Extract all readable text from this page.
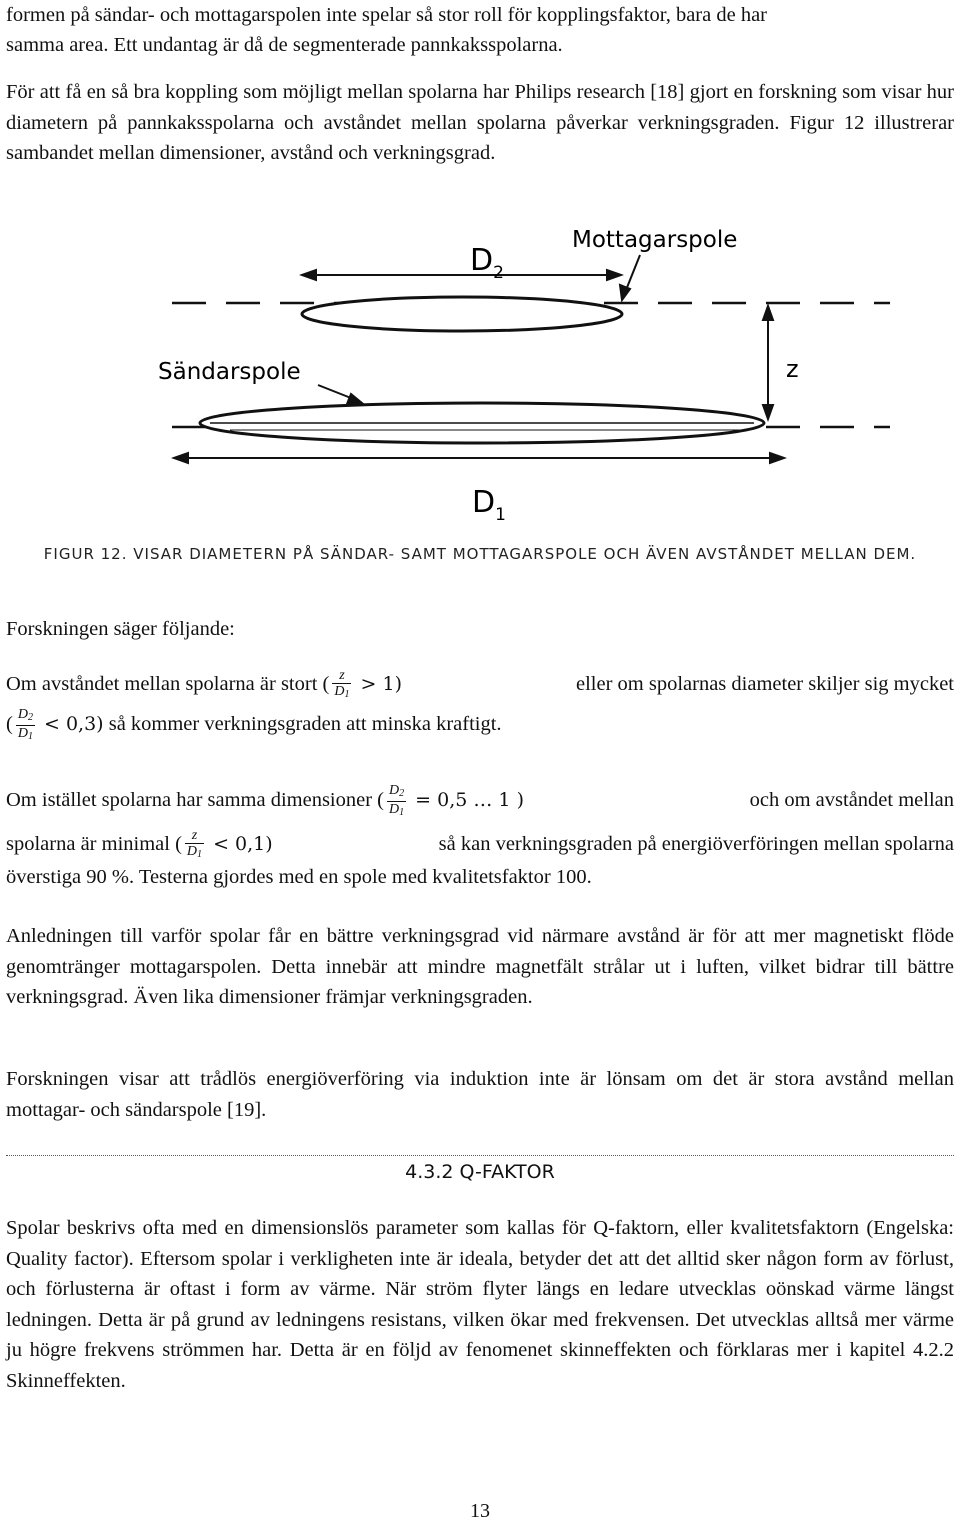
formen på sändar- och mottagarspolen inte spelar så stor roll för kopplingsfaktor, bara de har

samma area. Ett undantag är då de segmenterade pannkaksspolarna.

För att få en så bra koppling som möjligt mellan spolarna har Philips research [18] gjort en forskning som visar hur diametern på pannkaksspolarna och avståndet mellan spolarna påverkar verkningsgraden. Figur 12 illustrerar sambandet mellan dimensioner, avstånd och verkningsgrad.

$D_2$
Mottagarspole
Sändarspole	z
$D_1$
FIGUR 12. VISAR DIAMETERN PÅ SÄNDAR- SAMT MOTTAGARSPOLE OCH ÄVEN AVSTÅNDET MELLAN DEM.

Forskningen säger följande:

Om avståndet mellan spolarna är stort ( $\frac{z}{D_1} > 1$)	eller om spolarnas diameter skiljer sig mycket
( $\frac{D_2}{D_1} < 0,3$) så kommer verkningsgraden att minska kraftigt.
Om istället spolarna har samma dimensioner ( $\frac{D_2}{D_1} = 0,5$ … 1 )	och om avståndet mellan
spolarna är minimal ( $\frac{z}{D_1} < 0,1$)	så kan verkningsgraden på energiöverföringen mellan spolarna
överstiga 90 %. Testerna gjordes med en spole med kvalitetsfaktor 100.

Anledningen till varför spolar får en bättre verkningsgrad vid närmare avstånd är för att mer magnetiskt flöde genomtränger mottagarspolen. Detta innebär att mindre magnetfält strålar ut i luften, vilket bidrar till bättre verkningsgrad. Även lika dimensioner främjar verkningsgraden.

Forskningen visar att trådlös energiöverföring via induktion inte är lönsam om det är stora avstånd mellan mottagar- och sändarspole [19].

4.3.2 Q-FAKTOR

Spolar beskrivs ofta med en dimensionslös parameter som kallas för Q-faktorn, eller kvalitetsfaktorn (Engelska: Quality factor). Eftersom spolar i verkligheten inte är ideala, betyder det att det alltid sker någon form av förlust, och förlusterna är oftast i form av värme. När ström flyter längs en ledare utvecklas oönskad värme längst ledningen. Detta är på grund av ledningens resistans, vilken ökar med frekvensen. Det utvecklas alltså mer värme ju högre frekvens strömmen har. Detta är en följd av fenomenet skinneffekten och förklaras mer i kapitel 4.2.2 Skinneffekten.

13
